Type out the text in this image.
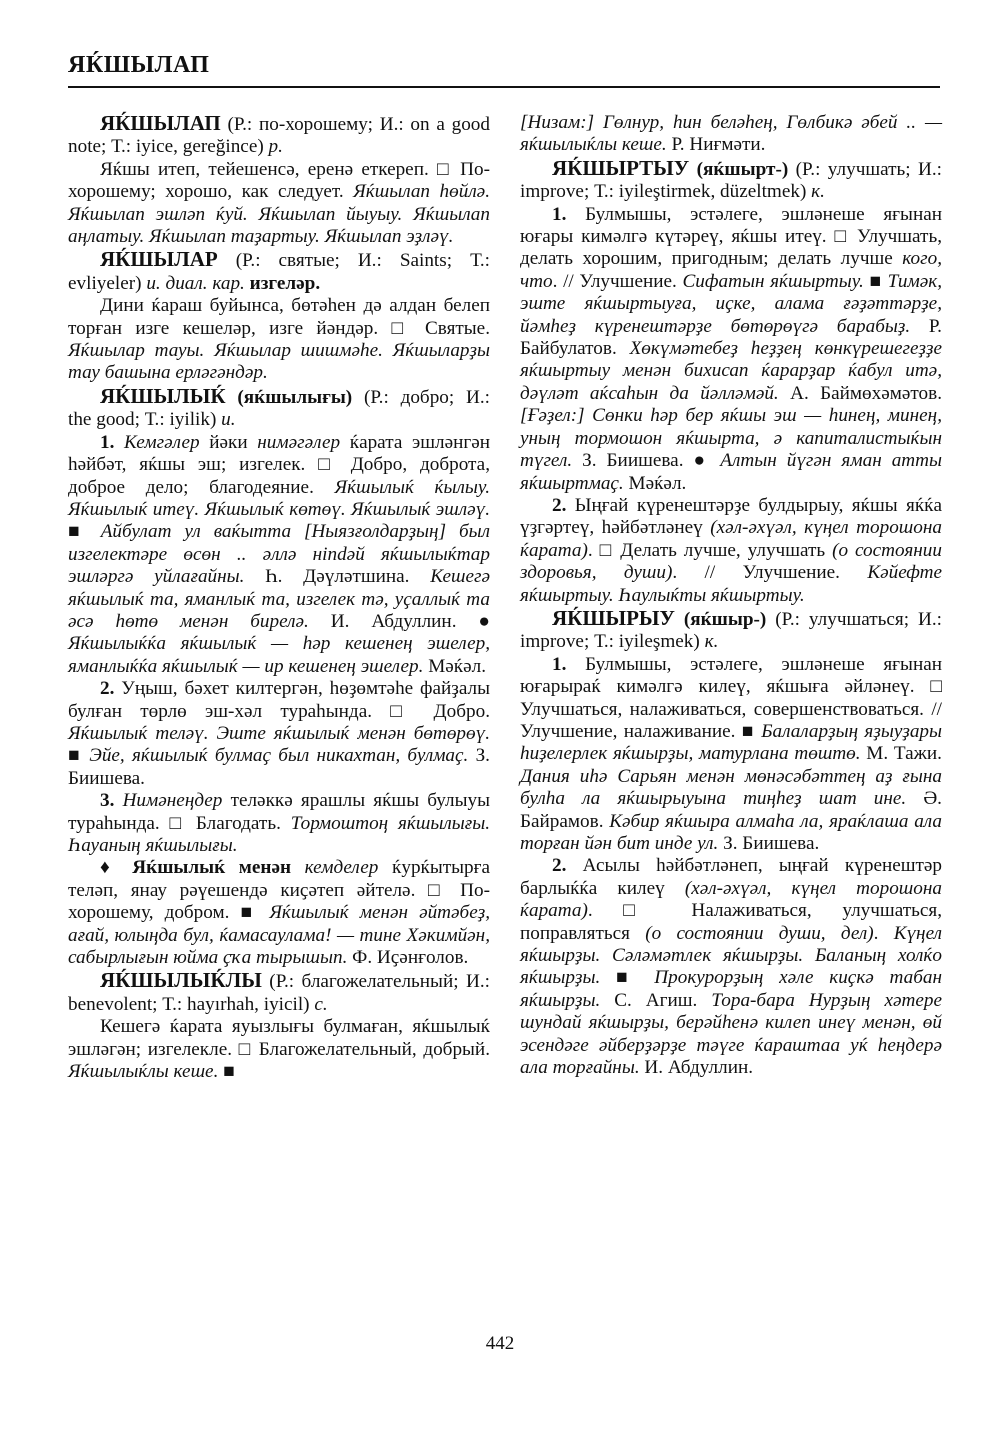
ЯЌШЫЛАП

ЯЌШЫЛАП (Р.: по-хорошему; И.: on a good note; Т.: iyice, gereğince) р.

Яќшы итеп, тейешенсә, еренә еткереп. □ По-хорошему; хорошо, как следует. Яќшылап һөйлә. Яќшылап эшләп ќуй. Яќшылап йыуыу. Яќшылап аңлатыу. Яќшылап таҙартыу. Яќшылап эҙләү.

ЯЌШЫЛАР (Р.: святые; И.: Saints; Т.: evliyeler) и. диал. кар. изгеләр.

Дини ќараш буйынса, бөтәһен дә алдан белеп торған изге кешеләр, изге йәндәр. □ Святые. Яќшылар тауы. Яќшылар шишмәһе. Яќшыларҙы тау башына ерләгәндәр.

ЯЌШЫЛЫЌ (яќшылығы) (Р.: добро; И.: the good; Т.: iyilik) и.

1. Кемгәлер йәки нимәгәлер ќарата эшләнгән һәйбәт, яќшы эш; изгелек. □ Добро, доброта, доброе дело; благодеяние. Яќшылыќ ќылыу. Яќшылыќ итеү. Яќшылыќ көтөү. Яќшылыќ эшләү. ■ Айбулат ул ваќытта [Ныязғолдарҙың] был изгелектәре өсөн .. әллә нindәй яќшылыќтар эшләргә уйлағайны. Һ. Дәүләтшина. Кешегә яќшылыќ та, яманлыќ та, изгелек тә, уҫаллыќ та әсә һөтө менән бирелә. И. Абдуллин. ● Яќшылыќќа яќшылыќ — һәр кешенең эшелер, яманлыќќа яќшылыќ — ир кешенең эшелер. Мәќәл.

2. Уңыш, бәхет килтергән, һөҙөмтәһе файҙалы булған төрлө эш-хәл тураһында. □ Добро. Яќшылыќ теләү. Эште яќшылыќ менән бөтөрөү. ■ Эйе, яќшылыќ булмаҫ был никахтан, булмаҫ. З. Биишева.

3. Нимәнеңдер теләккә ярашлы яќшы булыуы тураһында. □ Благодать. Тормоштоң яќшылығы. Һауаның яќшылығы.

♦ Яќшылыќ менән кемделер ќурќытырға теләп, янау рәүешендә киҫәтеп әйтелә. □ По-хорошему, добром. ■ Яќшылыќ менән әйтәбеҙ, ағай, юлыңда бул, ќамасаулама! — тине Хәкимйән, сабырлығын юйма ҫҡа тырышып. Ф. Иҫәнғолов.

ЯЌШЫЛЫЌЛЫ (Р.: благожелательный; И.: benevolent; Т.: hayırhah, iyicil) с.

Кешегә ќарата яуызлығы булмаған, яќшылыќ эшләгән; изгелекле. □ Благожелательный, добрый. Яќшылыќлы кеше. ■

[Низам:] Гөлнур, һин беләһең, Гөлбикә әбей .. — яќшылыќлы кеше. Р. Ниғмәти.

ЯЌШЫРТЫУ (яќшырт-) (Р.: улучшать; И.: improve; Т.: iyileştirmek, düzeltmek) к.

1. Булмышы, эстәлеге, эшләнеше яғынан юғары кимәлгә күтәреү, яќшы итеү. □ Улучшать, делать хорошим, пригодным; делать лучше кого, что. // Улучшение. Сифатын яќшыртыу. ■ Тимәк, эште яќшыртыуға, иҫке, алама ғәҙәттәрҙе, йәмһеҙ күренештәрҙе бөтөрөүгә барабыҙ. Р. Байбулатов. Хөкүмәтебеҙ һеҙҙең көнкүрешегеҙҙе яќшыртыу менән бихисап ќарарҙар ќабул итә, дәүләт аќсаһын да йәлләмәй. А. Баймөхәмәтов. [Ғәҙел:] Сөнки һәр бер яќшы эш — һинең, минең, уның тормошон яќшырта, ә капиталистыќын түгел. З. Биишева. ● Алтын йүгән яман атты яќшыртмаҫ. Мәќәл.

2. Ыңғай күренештәрҙе булдырыу, яќшы яќќа үҙгәртеү, һәйбәтләнеү (хәл-әхүәл, күңел торошона ќарата). □ Делать лучше, улучшать (о состоянии здоровья, души). // Улучшение. Кәйефте яќшыртыу. Һаулыќты яќшыртыу.

ЯЌШЫРЫУ (яќшыр-) (Р.: улучшаться; И.: improve; Т.: iyileşmek) к.

1. Булмышы, эстәлеге, эшләнеше яғынан юғарыраќ кимәлгә килеү, яќшыға әйләнеү. □ Улучшаться, налаживаться, совершенствоваться. // Улучшение, налаживание. ■ Балаларҙың яҙыуҙары һиҙелерлек яќшырҙы, матурлана төштө. М. Тажи. Дания иһә Сарьян менән мөнәсәбәттең аҙ ғына булһа ла яќшырыуына тиңһеҙ шат ине. Ә. Байрамов. Кәбир яќшыра алмаһа ла, яраќлаша ала торған йән бит инде ул. З. Биишева.

2. Асылы һәйбәтләнеп, ыңғай күренештәр барлыќќа килеү (хәл-әхүәл, күңел торошона ќарата). □ Налаживаться, улучшаться, поправляться (о состоянии души, дел). Күңел яќшырҙы. Сәләмәтлек яќшырҙы. Баланың холќо яќшырҙы. ■ Прокурорҙың хәле киҫкә табан яќшырҙы. С. Агиш. Тора-бара Нурҙың хәтере шундай яќшырҙы, берәйһенә килеп инеү менән, өй эсендәге әйберҙәрҙе тәүге ќараштаа уќ һеңдерә ала торғайны. И. Абдуллин.

442
